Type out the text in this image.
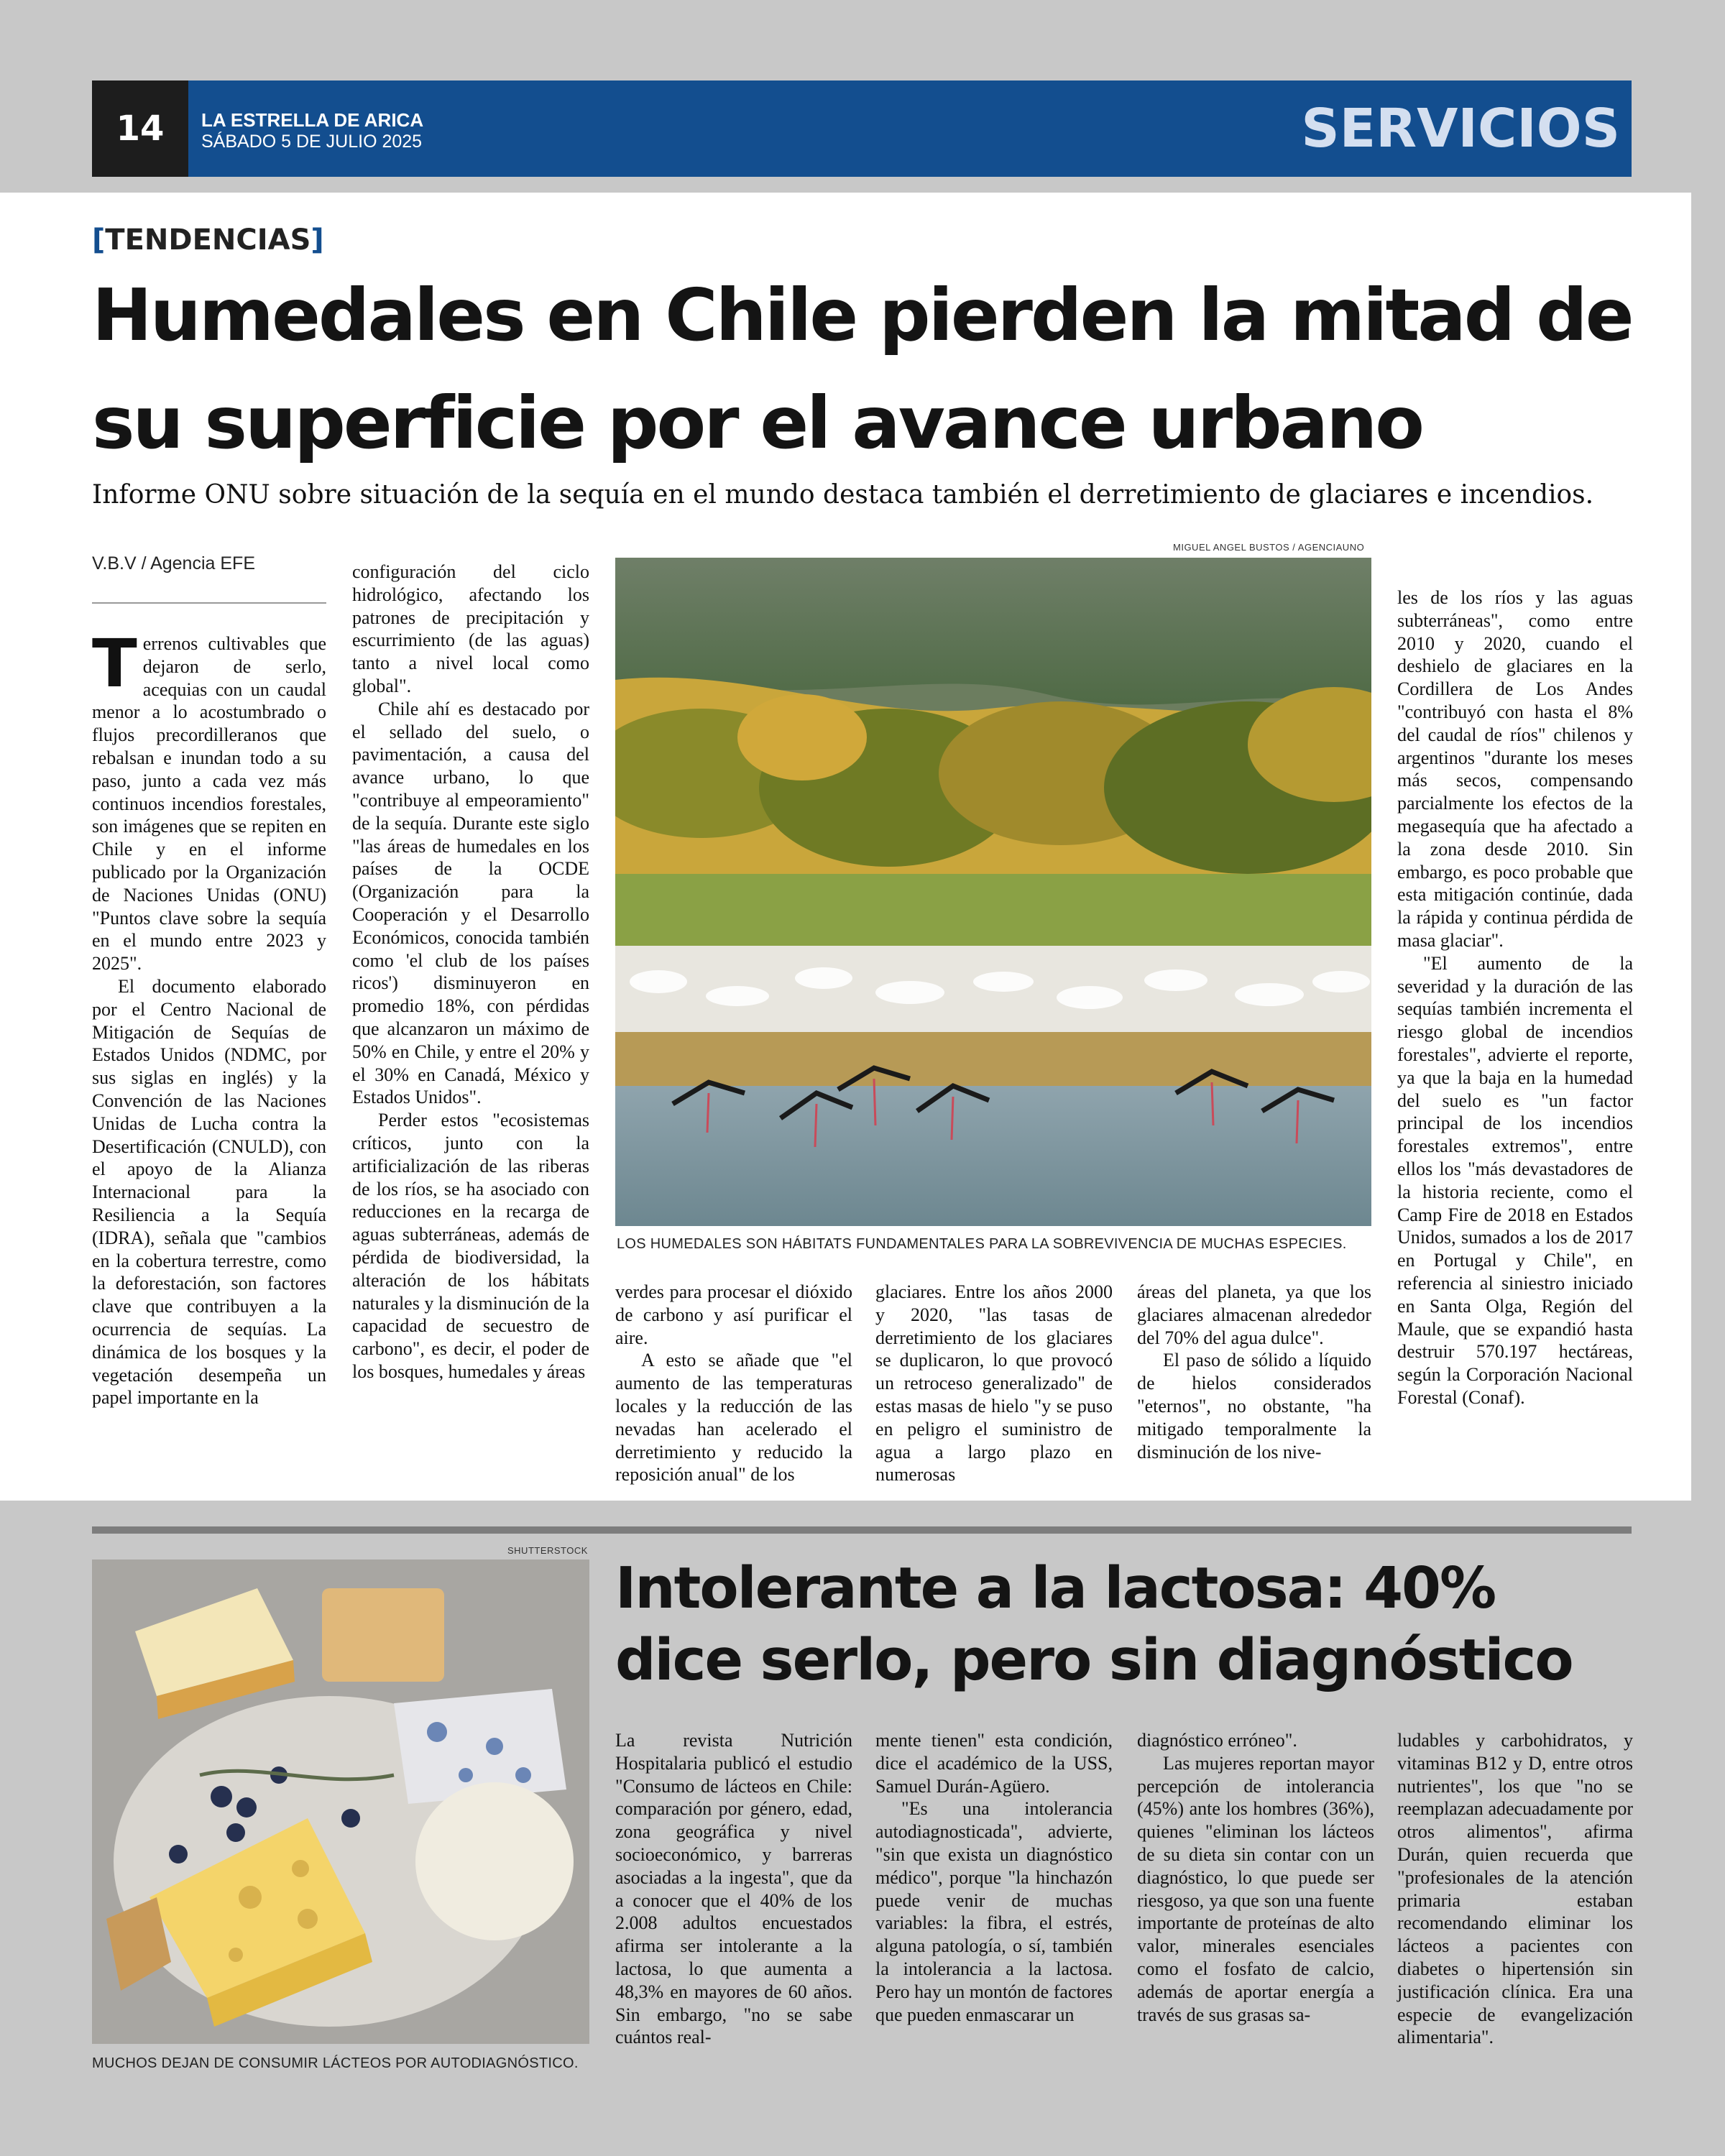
14	LA ESTRELLA DE ARICA
SÁBADO 5 DE JULIO 2025	SERVICIOS
[TENDENCIAS]
Humedales en Chile pierden la mitad de su superficie por el avance urbano
Informe ONU sobre situación de la sequía en el mundo destaca también el derretimiento de glaciares e incendios.
V.B.V / Agencia EFE

Terrenos cultivables que dejaron de serlo, acequias con un caudal menor a lo acostumbrado o flujos precordilleranos que rebalsan e inundan todo a su paso, junto a cada vez más continuos incendios forestales, son imágenes que se repiten en Chile y en el informe publicado por la Organización de Naciones Unidas (ONU) "Puntos clave sobre la sequía en el mundo entre 2023 y 2025".

El documento elaborado por el Centro Nacional de Mitigación de Sequías de Estados Unidos (NDMC, por sus siglas en inglés) y la Convención de las Naciones Unidas de Lucha contra la Desertificación (CNULD), con el apoyo de la Alianza Internacional para la Resiliencia a la Sequía (IDRA), señala que "cambios en la cobertura terrestre, como la deforestación, son factores clave que contribuyen a la ocurrencia de sequías. La dinámica de los bosques y la vegetación desempeña un papel importante en la

configuración del ciclo hidrológico, afectando los patrones de precipitación y escurrimiento (de las aguas) tanto a nivel local como global".

Chile ahí es destacado por el sellado del suelo, o pavimentación, a causa del avance urbano, lo que "contribuye al empeoramiento" de la sequía. Durante este siglo "las áreas de humedales en los países de la OCDE (Organización para la Cooperación y el Desarrollo Económicos, conocida también como 'el club de los países ricos') disminuyeron en promedio 18%, con pérdidas que alcanzaron un máximo de 50% en Chile, y entre el 20% y el 30% en Canadá, México y Estados Unidos".

Perder estos "ecosistemas críticos, junto con la artificialización de las riberas de los ríos, se ha asociado con reducciones en la recarga de aguas subterráneas, además de pérdida de biodiversidad, la alteración de los hábitats naturales y la disminución de la capacidad de secuestro de carbono", es decir, el poder de los bosques, humedales y áreas

MIGUEL ANGEL BUSTOS / AGENCIAUNO
LOS HUMEDALES SON HÁBITATS FUNDAMENTALES PARA LA SOBREVIVENCIA DE MUCHAS ESPECIES.

verdes para procesar el dióxido de carbono y así purificar el aire.

A esto se añade que "el aumento de las temperaturas locales y la reducción de las nevadas han acelerado el derretimiento y reducido la reposición anual" de los

glaciares. Entre los años 2000 y 2020, "las tasas de derretimiento de los glaciares se duplicaron, lo que provocó un retroceso generalizado" de estas masas de hielo "y se puso en peligro el suministro de agua a largo plazo en numerosas

áreas del planeta, ya que los glaciares almacenan alrededor del 70% del agua dulce".

El paso de sólido a líquido de hielos considerados "eternos", no obstante, "ha mitigado temporalmente la disminución de los nive-

les de los ríos y las aguas subterráneas", como entre 2010 y 2020, cuando el deshielo de glaciares en la Cordillera de Los Andes "contribuyó con hasta el 8% del caudal de ríos" chilenos y argentinos "durante los meses más secos, compensando parcialmente los efectos de la megasequía que ha afectado a la zona desde 2010. Sin embargo, es poco probable que esta mitigación continúe, dada la rápida y continua pérdida de masa glaciar".

"El aumento de la severidad y la duración de las sequías también incrementa el riesgo global de incendios forestales", advierte el reporte, ya que la baja en la humedad del suelo es "un factor principal de los incendios forestales extremos", entre ellos los "más devastadores de la historia reciente, como el Camp Fire de 2018 en Estados Unidos, sumados a los de 2017 en Portugal y Chile", en referencia al siniestro iniciado en Santa Olga, Región del Maule, que se expandió hasta destruir 570.197 hectáreas, según la Corporación Nacional Forestal (Conaf).

SHUTTERSTOCK
MUCHOS DEJAN DE CONSUMIR LÁCTEOS POR AUTODIAGNÓSTICO.
Intolerante a la lactosa: 40% dice serlo, pero sin diagnóstico

La revista Nutrición Hospitalaria publicó el estudio "Consumo de lácteos en Chile: comparación por género, edad, zona geográfica y nivel socioeconómico, y barreras asociadas a la ingesta", que da a conocer que el 40% de los 2.008 adultos encuestados afirma ser intolerante a la lactosa, lo que aumenta a 48,3% en mayores de 60 años. Sin embargo, "no se sabe cuántos real-

mente tienen" esta condición, dice el académico de la USS, Samuel Durán-Agüero.

"Es una intolerancia autodiagnosticada", advierte, "sin que exista un diagnóstico médico", porque "la hinchazón puede venir de muchas variables: la fibra, el estrés, alguna patología, o sí, también la intolerancia a la lactosa. Pero hay un montón de factores que pueden enmascarar un

diagnóstico erróneo".

Las mujeres reportan mayor percepción de intolerancia (45%) ante los hombres (36%), quienes "eliminan los lácteos de su dieta sin contar con un diagnóstico, lo que puede ser riesgoso, ya que son una fuente importante de proteínas de alto valor, minerales esenciales como el fosfato de calcio, además de aportar energía a través de sus grasas sa-

ludables y carbohidratos, y vitaminas B12 y D, entre otros nutrientes", los que "no se reemplazan adecuadamente por otros alimentos", afirma Durán, quien recuerda que "profesionales de la atención primaria estaban recomendando eliminar los lácteos a pacientes con diabetes o hipertensión sin justificación clínica. Era una especie de evangelización alimentaria".
